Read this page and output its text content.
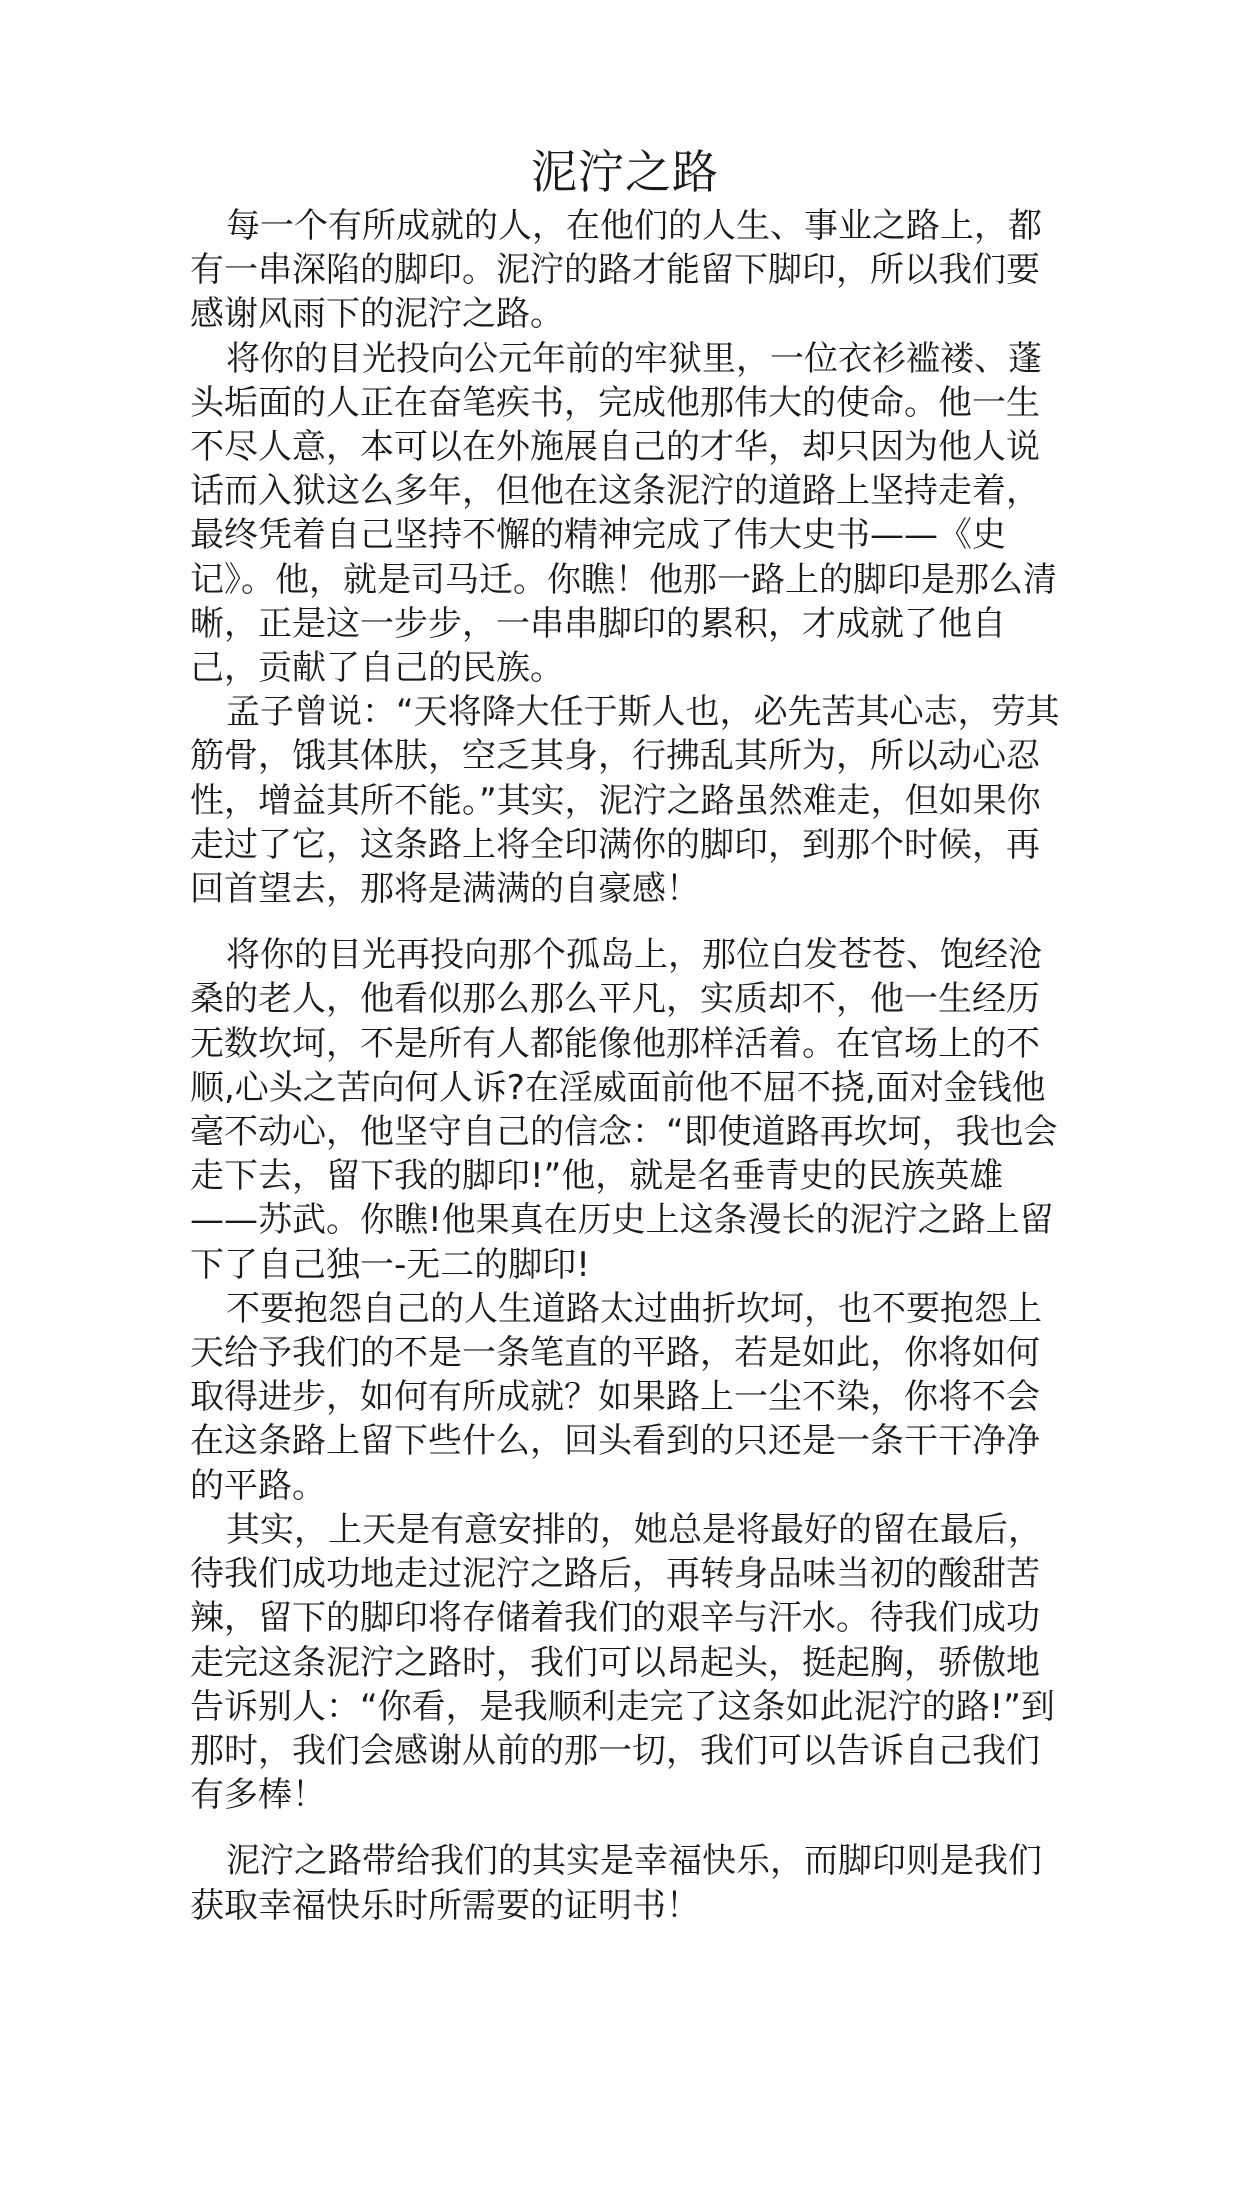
泥泞之路

每一个有所成就的人，在他们的人生、事业之路上，都有一串深陷的脚印。泥泞的路才能留下脚印，所以我们要感谢风雨下的泥泞之路。

将你的目光投向公元年前的牢狱里，一位衣衫褴褛、蓬头垢面的人正在奋笔疾书，完成他那伟大的使命。他一生不尽人意，本可以在外施展自己的才华，却只因为他人说话而入狱这么多年，但他在这条泥泞的道路上坚持走着，最终凭着自己坚持不懈的精神完成了伟大史书——《史记》。他，就是司马迁。你瞧！他那一路上的脚印是那么清晰，正是这一步步，一串串脚印的累积，才成就了他自己，贡献了自己的民族。

孟子曾说：“天将降大任于斯人也，必先苦其心志，劳其筋骨，饿其体肤，空乏其身，行拂乱其所为，所以动心忍性，增益其所不能。”其实，泥泞之路虽然难走，但如果你走过了它，这条路上将全印满你的脚印，到那个时候，再回首望去，那将是满满的自豪感！

将你的目光再投向那个孤岛上，那位白发苍苍、饱经沧桑的老人，他看似那么那么平凡，实质却不，他一生经历无数坎坷，不是所有人都能像他那样活着。在官场上的不顺,心头之苦向何人诉?在淫威面前他不屈不挠,面对金钱他毫不动心，他坚守自己的信念：“即使道路再坎坷，我也会走下去，留下我的脚印!”他，就是名垂青史的民族英雄——苏武。你瞧!他果真在历史上这条漫长的泥泞之路上留下了自己独一-无二的脚印!

不要抱怨自己的人生道路太过曲折坎坷，也不要抱怨上天给予我们的不是一条笔直的平路，若是如此，你将如何取得进步，如何有所成就？如果路上一尘不染，你将不会在这条路上留下些什么，回头看到的只还是一条干干净净的平路。

其实，上天是有意安排的，她总是将最好的留在最后，待我们成功地走过泥泞之路后，再转身品味当初的酸甜苦辣，留下的脚印将存储着我们的艰辛与汗水。待我们成功走完这条泥泞之路时，我们可以昂起头，挺起胸，骄傲地告诉别人：“你看，是我顺利走完了这条如此泥泞的路!”到那时，我们会感谢从前的那一切，我们可以告诉自己我们有多棒！

泥泞之路带给我们的其实是幸福快乐，而脚印则是我们获取幸福快乐时所需要的证明书！
